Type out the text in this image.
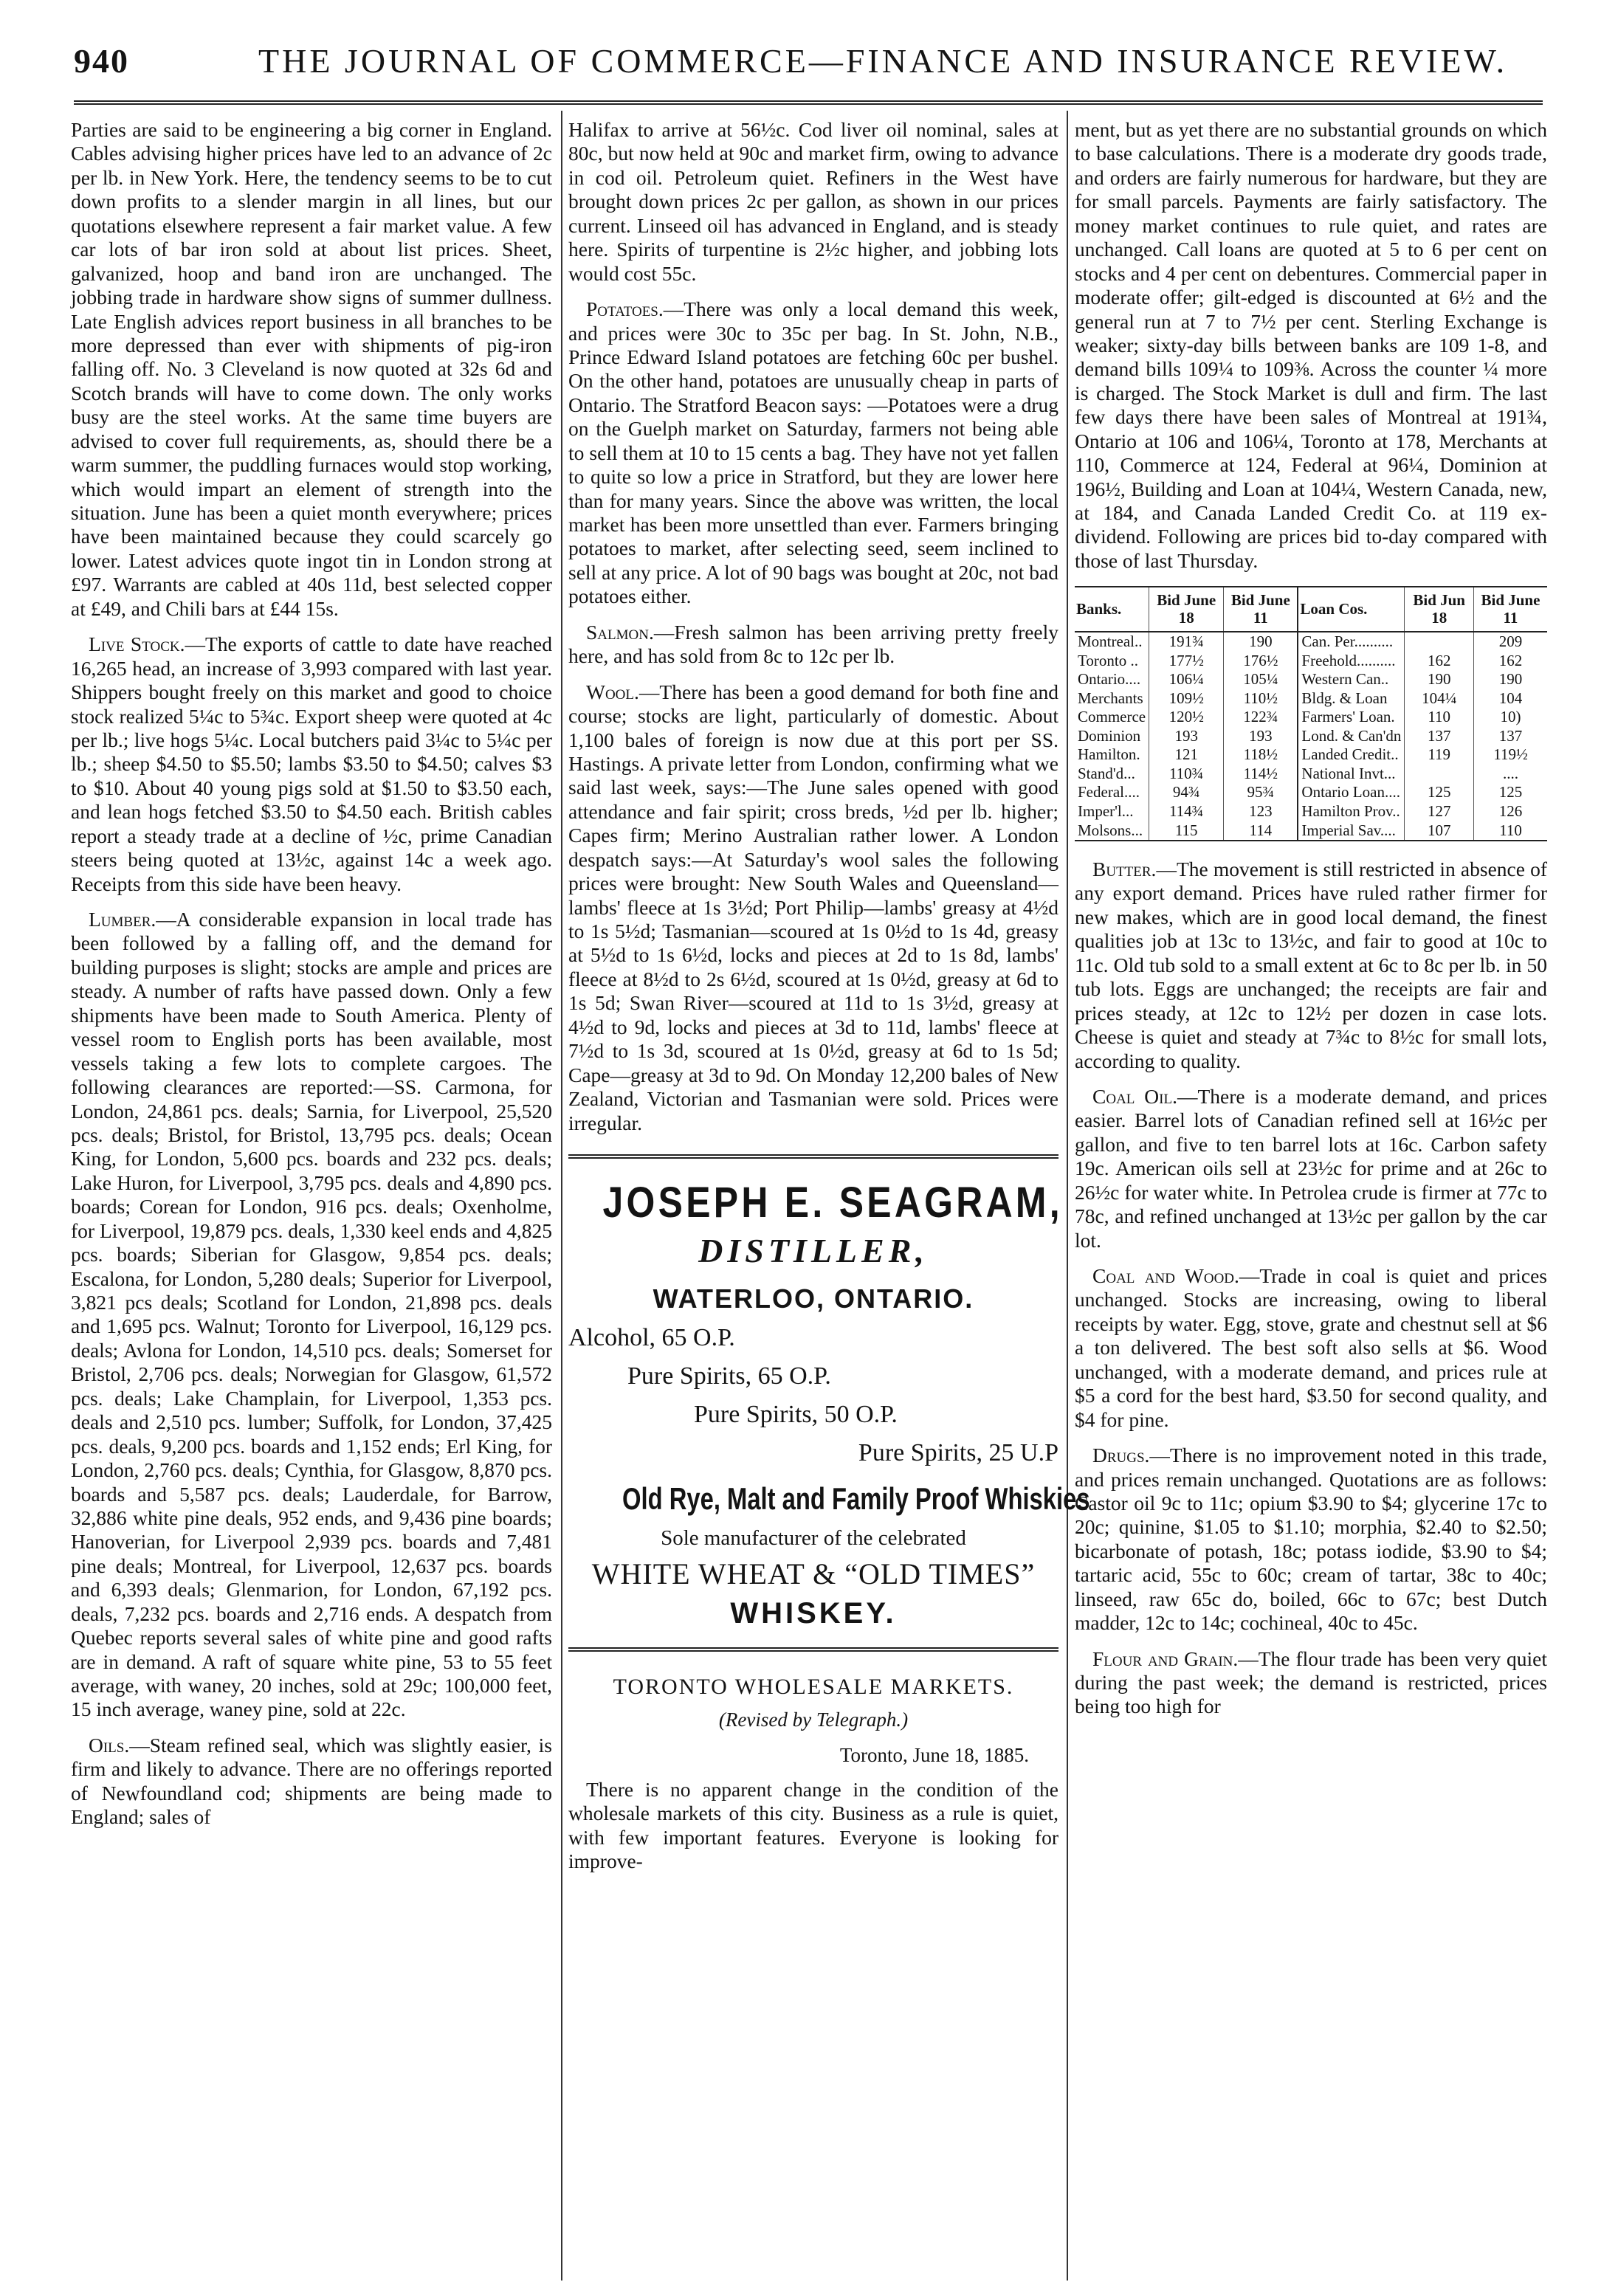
940	THE JOURNAL OF COMMERCE—FINANCE AND INSURANCE REVIEW.

Parties are said to be engineering a big corner in England. Cables advising higher prices have led to an advance of 2c per lb. in New York. Here, the tendency seems to be to cut down profits to a slender margin in all lines, but our quotations elsewhere represent a fair market value. A few car lots of bar iron sold at about list prices. Sheet, galvanized, hoop and band iron are unchanged. The jobbing trade in hardware show signs of summer dullness. Late English advices report business in all branches to be more depressed than ever with shipments of pig-iron falling off. No. 3 Cleveland is now quoted at 32s 6d and Scotch brands will have to come down. The only works busy are the steel works. At the same time buyers are advised to cover full requirements, as, should there be a warm summer, the puddling furnaces would stop working, which would impart an element of strength into the situation. June has been a quiet month everywhere; prices have been maintained because they could scarcely go lower. Latest advices quote ingot tin in London strong at £97. Warrants are cabled at 40s 11d, best selected copper at £49, and Chili bars at £44 15s.

Live Stock.—The exports of cattle to date have reached 16,265 head, an increase of 3,993 compared with last year. Shippers bought freely on this market and good to choice stock realized 5¼c to 5¾c. Export sheep were quoted at 4c per lb.; live hogs 5¼c. Local butchers paid 3¼c to 5¼c per lb.; sheep $4.50 to $5.50; lambs $3.50 to $4.50; calves $3 to $10. About 40 young pigs sold at $1.50 to $3.50 each, and lean hogs fetched $3.50 to $4.50 each. British cables report a steady trade at a decline of ½c, prime Canadian steers being quoted at 13½c, against 14c a week ago. Receipts from this side have been heavy.

Lumber.—A considerable expansion in local trade has been followed by a falling off, and the demand for building purposes is slight; stocks are ample and prices are steady. A number of rafts have passed down. Only a few shipments have been made to South America. Plenty of vessel room to English ports has been available, most vessels taking a few lots to complete cargoes. The following clearances are reported:—SS. Carmona, for London, 24,861 pcs. deals; Sarnia, for Liverpool, 25,520 pcs. deals; Bristol, for Bristol, 13,795 pcs. deals; Ocean King, for London, 5,600 pcs. boards and 232 pcs. deals; Lake Huron, for Liverpool, 3,795 pcs. deals and 4,890 pcs. boards; Corean for London, 916 pcs. deals; Oxenholme, for Liverpool, 19,879 pcs. deals, 1,330 keel ends and 4,825 pcs. boards; Siberian for Glasgow, 9,854 pcs. deals; Escalona, for London, 5,280 deals; Superior for Liverpool, 3,821 pcs deals; Scotland for London, 21,898 pcs. deals and 1,695 pcs. Walnut; Toronto for Liverpool, 16,129 pcs. deals; Avlona for London, 14,510 pcs. deals; Somerset for Bristol, 2,706 pcs. deals; Norwegian for Glasgow, 61,572 pcs. deals; Lake Champlain, for Liverpool, 1,353 pcs. deals and 2,510 pcs. lumber; Suffolk, for London, 37,425 pcs. deals, 9,200 pcs. boards and 1,152 ends; Erl King, for London, 2,760 pcs. deals; Cynthia, for Glasgow, 8,870 pcs. boards and 5,587 pcs. deals; Lauderdale, for Barrow, 32,886 white pine deals, 952 ends, and 9,436 pine boards; Hanoverian, for Liverpool 2,939 pcs. boards and 7,481 pine deals; Montreal, for Liverpool, 12,637 pcs. boards and 6,393 deals; Glenmarion, for London, 67,192 pcs. deals, 7,232 pcs. boards and 2,716 ends. A despatch from Quebec reports several sales of white pine and good rafts are in demand. A raft of square white pine, 53 to 55 feet average, with waney, 20 inches, sold at 29c; 100,000 feet, 15 inch average, waney pine, sold at 22c.

Oils.—Steam refined seal, which was slightly easier, is firm and likely to advance. There are no offerings reported of Newfoundland cod; shipments are being made to England; sales of

Halifax to arrive at 56½c. Cod liver oil nominal, sales at 80c, but now held at 90c and market firm, owing to advance in cod oil. Petroleum quiet. Refiners in the West have brought down prices 2c per gallon, as shown in our prices current. Linseed oil has advanced in England, and is steady here. Spirits of turpentine is 2½c higher, and jobbing lots would cost 55c.

Potatoes.—There was only a local demand this week, and prices were 30c to 35c per bag. In St. John, N.B., Prince Edward Island potatoes are fetching 60c per bushel. On the other hand, potatoes are unusually cheap in parts of Ontario. The Stratford Beacon says: —Potatoes were a drug on the Guelph market on Saturday, farmers not being able to sell them at 10 to 15 cents a bag. They have not yet fallen to quite so low a price in Stratford, but they are lower here than for many years. Since the above was written, the local market has been more unsettled than ever. Farmers bringing potatoes to market, after selecting seed, seem inclined to sell at any price. A lot of 90 bags was bought at 20c, not bad potatoes either.

Salmon.—Fresh salmon has been arriving pretty freely here, and has sold from 8c to 12c per lb.

Wool.—There has been a good demand for both fine and course; stocks are light, particularly of domestic. About 1,100 bales of foreign is now due at this port per SS. Hastings. A private letter from London, confirming what we said last week, says:—The June sales opened with good attendance and fair spirit; cross breds, ½d per lb. higher; Capes firm; Merino Australian rather lower. A London despatch says:—At Saturday's wool sales the following prices were brought: New South Wales and Queensland—lambs' fleece at 1s 3½d; Port Philip—lambs' greasy at 4½d to 1s 5½d; Tasmanian—scoured at 1s 0½d to 1s 4d, greasy at 5½d to 1s 6½d, locks and pieces at 2d to 1s 8d, lambs' fleece at 8½d to 2s 6½d, scoured at 1s 0½d, greasy at 6d to 1s 5d; Swan River—scoured at 11d to 1s 3½d, greasy at 4½d to 9d, locks and pieces at 3d to 11d, lambs' fleece at 7½d to 1s 3d, scoured at 1s 0½d, greasy at 6d to 1s 5d; Cape—greasy at 3d to 9d. On Monday 12,200 bales of New Zealand, Victorian and Tasmanian were sold. Prices were irregular.

JOSEPH E. SEAGRAM,
DISTILLER,
WATERLOO, ONTARIO.
Alcohol, 65 O.P.
Pure Spirits, 65 O.P.
Pure Spirits, 50 O.P.
Pure Spirits, 25 U.P
Old Rye, Malt and Family Proof Whiskies
Sole manufacturer of the celebrated
WHITE WHEAT & “OLD TIMES”
WHISKEY.
TORONTO WHOLESALE MARKETS.
(Revised by Telegraph.)
Toronto, June 18, 1885.

There is no apparent change in the condition of the wholesale markets of this city. Business as a rule is quiet, with few important features. Everyone is looking for improve-

ment, but as yet there are no substantial grounds on which to base calculations. There is a moderate dry goods trade, and orders are fairly numerous for hardware, but they are for small parcels. Payments are fairly satisfactory. The money market continues to rule quiet, and rates are unchanged. Call loans are quoted at 5 to 6 per cent on stocks and 4 per cent on debentures. Commercial paper in moderate offer; gilt-edged is discounted at 6½ and the general run at 7 to 7½ per cent. Sterling Exchange is weaker; sixty-day bills between banks are 109 1-8, and demand bills 109¼ to 109⅜. Across the counter ¼ more is charged. The Stock Market is dull and firm. The last few days there have been sales of Montreal at 191¾, Ontario at 106 and 106¼, Toronto at 178, Merchants at 110, Commerce at 124, Federal at 96¼, Dominion at 196½, Building and Loan at 104¼, Western Canada, new, at 184, and Canada Landed Credit Co. at 119 ex-dividend. Following are prices bid to-day compared with those of last Thursday.

Banks.	Bid June 18	Bid June 11	Loan Cos.	Bid Jun 18	Bid June 11
Montreal..	191¾	190	Can. Per..........		209
Toronto ..	177½	176½	Freehold..........	162	162
Ontario....	106¼	105¼	Western Can..	190	190
Merchants	109½	110½	Bldg. & Loan	104¼	104
Commerce	120½	122¾	Farmers' Loan.	110	10)
Dominion	193	193	Lond. & Can'dn	137	137
Hamilton.	121	118½	Landed Credit..	119	119½
Stand'd...	110¾	114½	National Invt...		....
Federal....	94¾	95¾	Ontario Loan....	125	125
Imper'l...	114¾	123	Hamilton Prov..	127	126
Molsons...	115	114	Imperial Sav....	107	110

Butter.—The movement is still restricted in absence of any export demand. Prices have ruled rather firmer for new makes, which are in good local demand, the finest qualities job at 13c to 13½c, and fair to good at 10c to 11c. Old tub sold to a small extent at 6c to 8c per lb. in 50 tub lots. Eggs are unchanged; the receipts are fair and prices steady, at 12c to 12½ per dozen in case lots. Cheese is quiet and steady at 7¾c to 8½c for small lots, according to quality.

Coal Oil.—There is a moderate demand, and prices easier. Barrel lots of Canadian refined sell at 16½c per gallon, and five to ten barrel lots at 16c. Carbon safety 19c. American oils sell at 23½c for prime and at 26c to 26½c for water white. In Petrolea crude is firmer at 77c to 78c, and refined unchanged at 13½c per gallon by the car lot.

Coal and Wood.—Trade in coal is quiet and prices unchanged. Stocks are increasing, owing to liberal receipts by water. Egg, stove, grate and chestnut sell at $6 a ton delivered. The best soft also sells at $6. Wood unchanged, with a moderate demand, and prices rule at $5 a cord for the best hard, $3.50 for second quality, and $4 for pine.

Drugs.—There is no improvement noted in this trade, and prices remain unchanged. Quotations are as follows: Castor oil 9c to 11c; opium $3.90 to $4; glycerine 17c to 20c; quinine, $1.05 to $1.10; morphia, $2.40 to $2.50; bicarbonate of potash, 18c; potass iodide, $3.90 to $4; tartaric acid, 55c to 60c; cream of tartar, 38c to 40c; linseed, raw 65c do, boiled, 66c to 67c; best Dutch madder, 12c to 14c; cochineal, 40c to 45c.

Flour and Grain.—The flour trade has been very quiet during the past week; the demand is restricted, prices being too high for
